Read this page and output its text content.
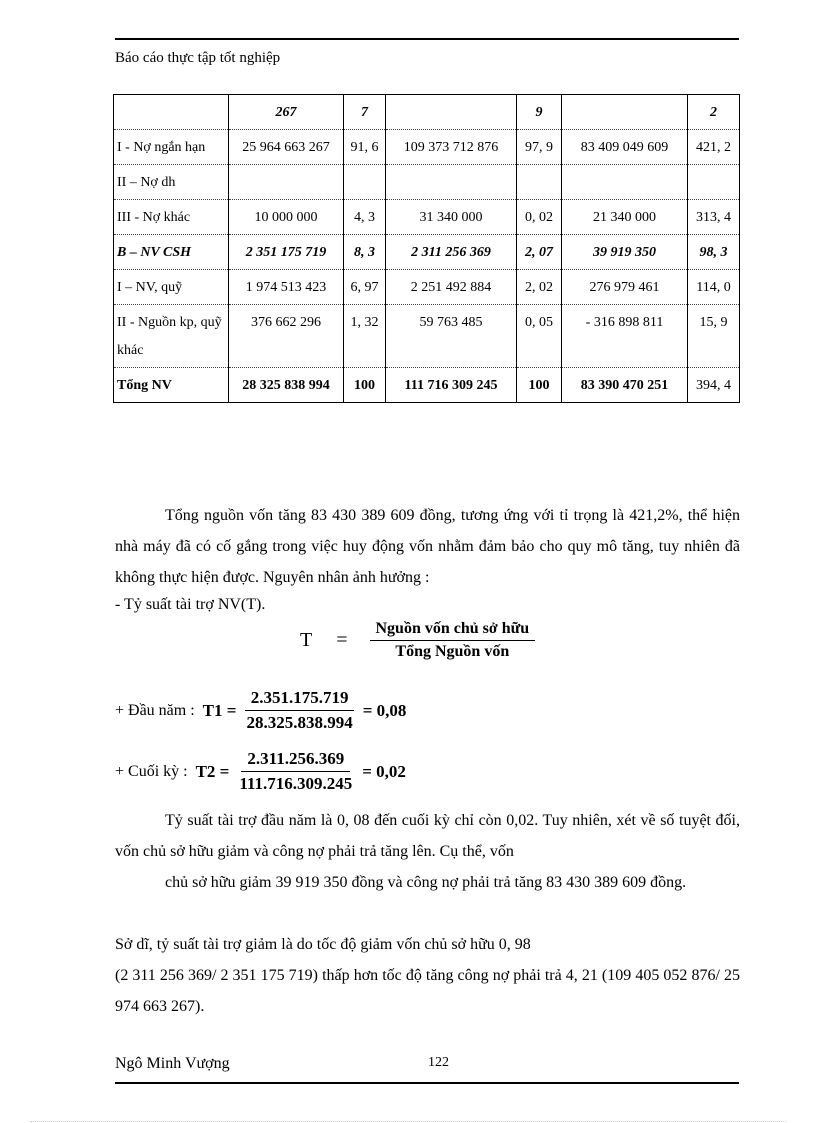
Báo cáo thực tập tốt nghiệp
	267	7		9		2
I - Nợ ngắn hạn	25 964 663 267	91, 6	109 373 712 876	97, 9	83 409 049 609	421, 2
II – Nợ dh						
III - Nợ khác	10 000 000	4, 3	31 340 000	0, 02	21 340 000	313, 4
B – NV CSH	2 351 175 719	8, 3	2 311 256 369	2, 07	39 919 350	98, 3
I – NV, quỹ	1 974 513 423	6, 97	2 251 492 884	2, 02	276 979 461	114, 0
II - Nguồn kp, quỹ khác	376 662 296	1, 32	59 763 485	0, 05	- 316 898 811	15, 9
Tổng NV	28 325 838 994	100	111 716 309 245	100	83 390 470 251	394, 4
Tổng nguồn vốn tăng 83 430 389 609 đồng, tương ứng với tỉ trọng là 421,2%, thể hiện nhà máy đã có cố gắng trong việc huy động vốn nhằm đảm bảo cho quy mô tăng, tuy nhiên đã không thực hiện được. Nguyên nhân ảnh hưởng :
- Tỷ suất tài trợ NV(T).
$T = \frac{\text{Nguồn vốn chủ sở hữu}}{\text{Tổng Nguồn vốn}}$
+ Đầu năm : $T1 = \frac{2.351.175.719}{28.325.838.994} = 0,08$
+ Cuối kỳ : $T2 = \frac{2.311.256.369}{111.716.309.245} = 0,02$
Tỷ suất tài trợ đầu năm là 0, 08 đến cuối kỳ chỉ còn 0,02. Tuy nhiên, xét về số tuyệt đối, vốn chủ sở hữu giảm và công nợ phải trả tăng lên. Cụ thể, vốn
chủ sở hữu giảm 39 919 350 đồng và công nợ phải trả tăng 83 430 389 609 đồng.
Sở dĩ, tỷ suất tài trợ giảm là do tốc độ giảm vốn chủ sở hữu 0, 98
(2 311 256 369/ 2 351 175 719) thấp hơn tốc độ tăng công nợ phải trả 4, 21 (109 405 052 876/ 25 974 663 267).
Ngô Minh Vượng	122
